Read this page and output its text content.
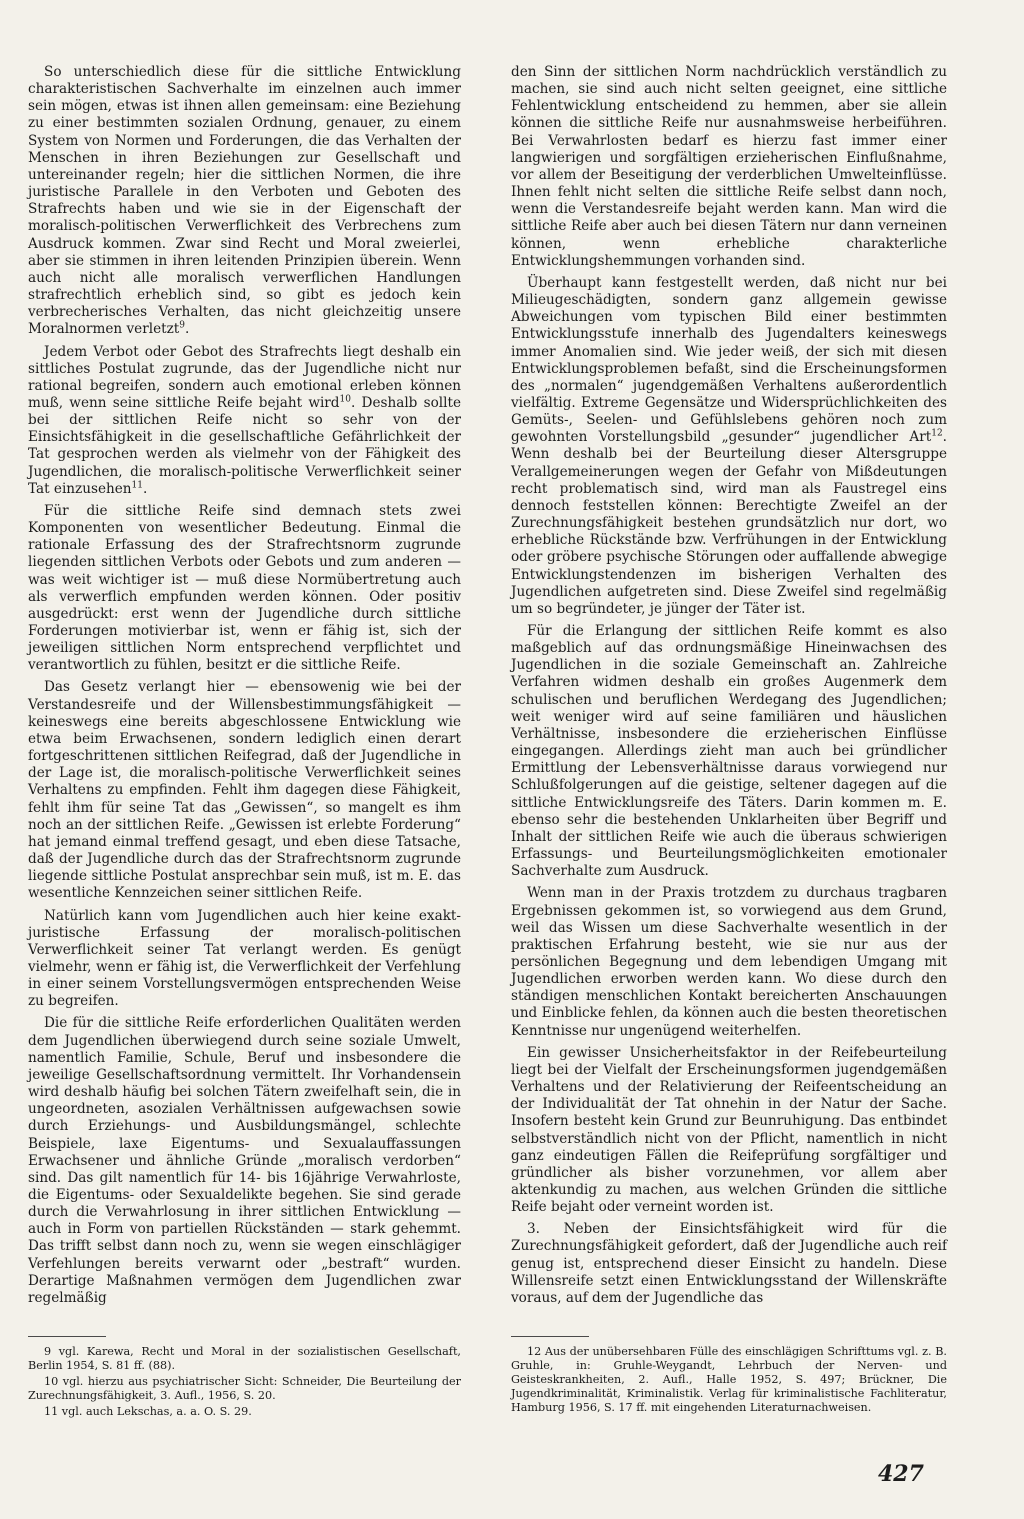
So unterschiedlich diese für die sittliche Entwicklung charakteristischen Sachverhalte im einzelnen auch immer sein mögen, etwas ist ihnen allen gemeinsam: eine Beziehung zu einer bestimmten sozialen Ordnung, genauer, zu einem System von Normen und Forderungen, die das Verhalten der Menschen in ihren Beziehungen zur Gesellschaft und untereinander regeln; hier die sittlichen Normen, die ihre juristische Parallele in den Verboten und Geboten des Strafrechts haben und wie sie in der Eigenschaft der moralisch-politischen Verwerflichkeit des Verbrechens zum Ausdruck kommen. Zwar sind Recht und Moral zweierlei, aber sie stimmen in ihren leitenden Prinzipien überein. Wenn auch nicht alle moralisch verwerflichen Handlungen strafrechtlich erheblich sind, so gibt es jedoch kein verbrecherisches Verhalten, das nicht gleichzeitig unsere Moralnormen verletzt$^9$.

Jedem Verbot oder Gebot des Strafrechts liegt deshalb ein sittliches Postulat zugrunde, das der Jugendliche nicht nur rational begreifen, sondern auch emotional erleben können muß, wenn seine sittliche Reife bejaht wird$^{10}$. Deshalb sollte bei der sittlichen Reife nicht so sehr von der Einsichtsfähigkeit in die gesellschaftliche Gefährlichkeit der Tat gesprochen werden als vielmehr von der Fähigkeit des Jugendlichen, die moralisch-politische Verwerflichkeit seiner Tat einzusehen$^{11}$.

Für die sittliche Reife sind demnach stets zwei Komponenten von wesentlicher Bedeutung. Einmal die rationale Erfassung des der Strafrechtsnorm zugrunde liegenden sittlichen Verbots oder Gebots und zum anderen — was weit wichtiger ist — muß diese Normübertretung auch als verwerflich empfunden werden können. Oder positiv ausgedrückt: erst wenn der Jugendliche durch sittliche Forderungen motivierbar ist, wenn er fähig ist, sich der jeweiligen sittlichen Norm entsprechend verpflichtet und verantwortlich zu fühlen, besitzt er die sittliche Reife.

Das Gesetz verlangt hier — ebensowenig wie bei der Verstandesreife und der Willensbestimmungsfähigkeit — keineswegs eine bereits abgeschlossene Entwicklung wie etwa beim Erwachsenen, sondern lediglich einen derart fortgeschrittenen sittlichen Reifegrad, daß der Jugendliche in der Lage ist, die moralisch-politische Verwerflichkeit seines Verhaltens zu empfinden. Fehlt ihm dagegen diese Fähigkeit, fehlt ihm für seine Tat das „Gewissen“, so mangelt es ihm noch an der sittlichen Reife. „Gewissen ist erlebte Forderung“ hat jemand einmal treffend gesagt, und eben diese Tatsache, daß der Jugendliche durch das der Strafrechtsnorm zugrunde liegende sittliche Postulat ansprechbar sein muß, ist m. E. das wesentliche Kennzeichen seiner sittlichen Reife.

Natürlich kann vom Jugendlichen auch hier keine exakt-juristische Erfassung der moralisch-politischen Verwerflichkeit seiner Tat verlangt werden. Es genügt vielmehr, wenn er fähig ist, die Verwerflichkeit der Verfehlung in einer seinem Vorstellungsvermögen entsprechenden Weise zu begreifen.

Die für die sittliche Reife erforderlichen Qualitäten werden dem Jugendlichen überwiegend durch seine soziale Umwelt, namentlich Familie, Schule, Beruf und insbesondere die jeweilige Gesellschaftsordnung vermittelt. Ihr Vorhandensein wird deshalb häufig bei solchen Tätern zweifelhaft sein, die in ungeordneten, asozialen Verhältnissen aufgewachsen sowie durch Erziehungs- und Ausbildungsmängel, schlechte Beispiele, laxe Eigentums- und Sexualauffassungen Erwachsener und ähnliche Gründe „moralisch verdorben“ sind. Das gilt namentlich für 14- bis 16jährige Verwahrloste, die Eigentums- oder Sexualdelikte begehen. Sie sind gerade durch die Verwahrlosung in ihrer sittlichen Entwicklung — auch in Form von partiellen Rückständen — stark gehemmt. Das trifft selbst dann noch zu, wenn sie wegen einschlägiger Verfehlungen bereits verwarnt oder „bestraft“ wurden. Derartige Maßnahmen vermögen dem Jugendlichen zwar regelmäßig

den Sinn der sittlichen Norm nachdrücklich verständlich zu machen, sie sind auch nicht selten geeignet, eine sittliche Fehlentwicklung entscheidend zu hemmen, aber sie allein können die sittliche Reife nur ausnahmsweise herbeiführen. Bei Verwahrlosten bedarf es hierzu fast immer einer langwierigen und sorgfältigen erzieherischen Einflußnahme, vor allem der Beseitigung der verderblichen Umwelteinflüsse. Ihnen fehlt nicht selten die sittliche Reife selbst dann noch, wenn die Verstandesreife bejaht werden kann. Man wird die sittliche Reife aber auch bei diesen Tätern nur dann verneinen können, wenn erhebliche charakterliche Entwicklungshemmungen vorhanden sind.

Überhaupt kann festgestellt werden, daß nicht nur bei Milieugeschädigten, sondern ganz allgemein gewisse Abweichungen vom typischen Bild einer bestimmten Entwicklungsstufe innerhalb des Jugendalters keineswegs immer Anomalien sind. Wie jeder weiß, der sich mit diesen Entwicklungsproblemen befaßt, sind die Erscheinungsformen des „normalen“ jugendgemäßen Verhaltens außerordentlich vielfältig. Extreme Gegensätze und Widersprüchlichkeiten des Gemüts-, Seelen- und Gefühlslebens gehören noch zum gewohnten Vorstellungsbild „gesunder“ jugendlicher Art$^{12}$. Wenn deshalb bei der Beurteilung dieser Altersgruppe Verallgemeinerungen wegen der Gefahr von Mißdeutungen recht problematisch sind, wird man als Faustregel eins dennoch feststellen können: Berechtigte Zweifel an der Zurechnungsfähigkeit bestehen grundsätzlich nur dort, wo erhebliche Rückstände bzw. Verfrühungen in der Entwicklung oder gröbere psychische Störungen oder auffallende abwegige Entwicklungstendenzen im bisherigen Verhalten des Jugendlichen aufgetreten sind. Diese Zweifel sind regelmäßig um so begründeter, je jünger der Täter ist.

Für die Erlangung der sittlichen Reife kommt es also maßgeblich auf das ordnungsmäßige Hineinwachsen des Jugendlichen in die soziale Gemeinschaft an. Zahlreiche Verfahren widmen deshalb ein großes Augenmerk dem schulischen und beruflichen Werdegang des Jugendlichen; weit weniger wird auf seine familiären und häuslichen Verhältnisse, insbesondere die erzieherischen Einflüsse eingegangen. Allerdings zieht man auch bei gründlicher Ermittlung der Lebensverhältnisse daraus vorwiegend nur Schlußfolgerungen auf die geistige, seltener dagegen auf die sittliche Entwicklungsreife des Täters. Darin kommen m. E. ebenso sehr die bestehenden Unklarheiten über Begriff und Inhalt der sittlichen Reife wie auch die überaus schwierigen Erfassungs- und Beurteilungsmöglichkeiten emotionaler Sachverhalte zum Ausdruck.

Wenn man in der Praxis trotzdem zu durchaus tragbaren Ergebnissen gekommen ist, so vorwiegend aus dem Grund, weil das Wissen um diese Sachverhalte wesentlich in der praktischen Erfahrung besteht, wie sie nur aus der persönlichen Begegnung und dem lebendigen Umgang mit Jugendlichen erworben werden kann. Wo diese durch den ständigen menschlichen Kontakt bereicherten Anschauungen und Einblicke fehlen, da können auch die besten theoretischen Kenntnisse nur ungenügend weiterhelfen.

Ein gewisser Unsicherheitsfaktor in der Reifebeurteilung liegt bei der Vielfalt der Erscheinungsformen jugendgemäßen Verhaltens und der Relativierung der Reifeentscheidung an der Individualität der Tat ohnehin in der Natur der Sache. Insofern besteht kein Grund zur Beunruhigung. Das entbindet selbstverständlich nicht von der Pflicht, namentlich in nicht ganz eindeutigen Fällen die Reifeprüfung sorgfältiger und gründlicher als bisher vorzunehmen, vor allem aber aktenkundig zu machen, aus welchen Gründen die sittliche Reife bejaht oder verneint worden ist.

3. Neben der Einsichtsfähigkeit wird für die Zurechnungsfähigkeit gefordert, daß der Jugendliche auch reif genug ist, entsprechend dieser Einsicht zu handeln. Diese Willensreife setzt einen Entwicklungsstand der Willenskräfte voraus, auf dem der Jugendliche das

9 vgl. Karewa, Recht und Moral in der sozialistischen Gesellschaft, Berlin 1954, S. 81 ff. (88).

10 vgl. hierzu aus psychiatrischer Sicht: Schneider, Die Beurteilung der Zurechnungsfähigkeit, 3. Aufl., 1956, S. 20.

11 vgl. auch Lekschas, a. a. O. S. 29.

12 Aus der unübersehbaren Fülle des einschlägigen Schrifttums vgl. z. B. Gruhle, in: Gruhle-Weygandt, Lehrbuch der Nerven- und Geisteskrankheiten, 2. Aufl., Halle 1952, S. 497; Brückner, Die Jugendkriminalität, Kriminalistik. Verlag für kriminalistische Fachliteratur, Hamburg 1956, S. 17 ff. mit eingehenden Literaturnachweisen.

427
